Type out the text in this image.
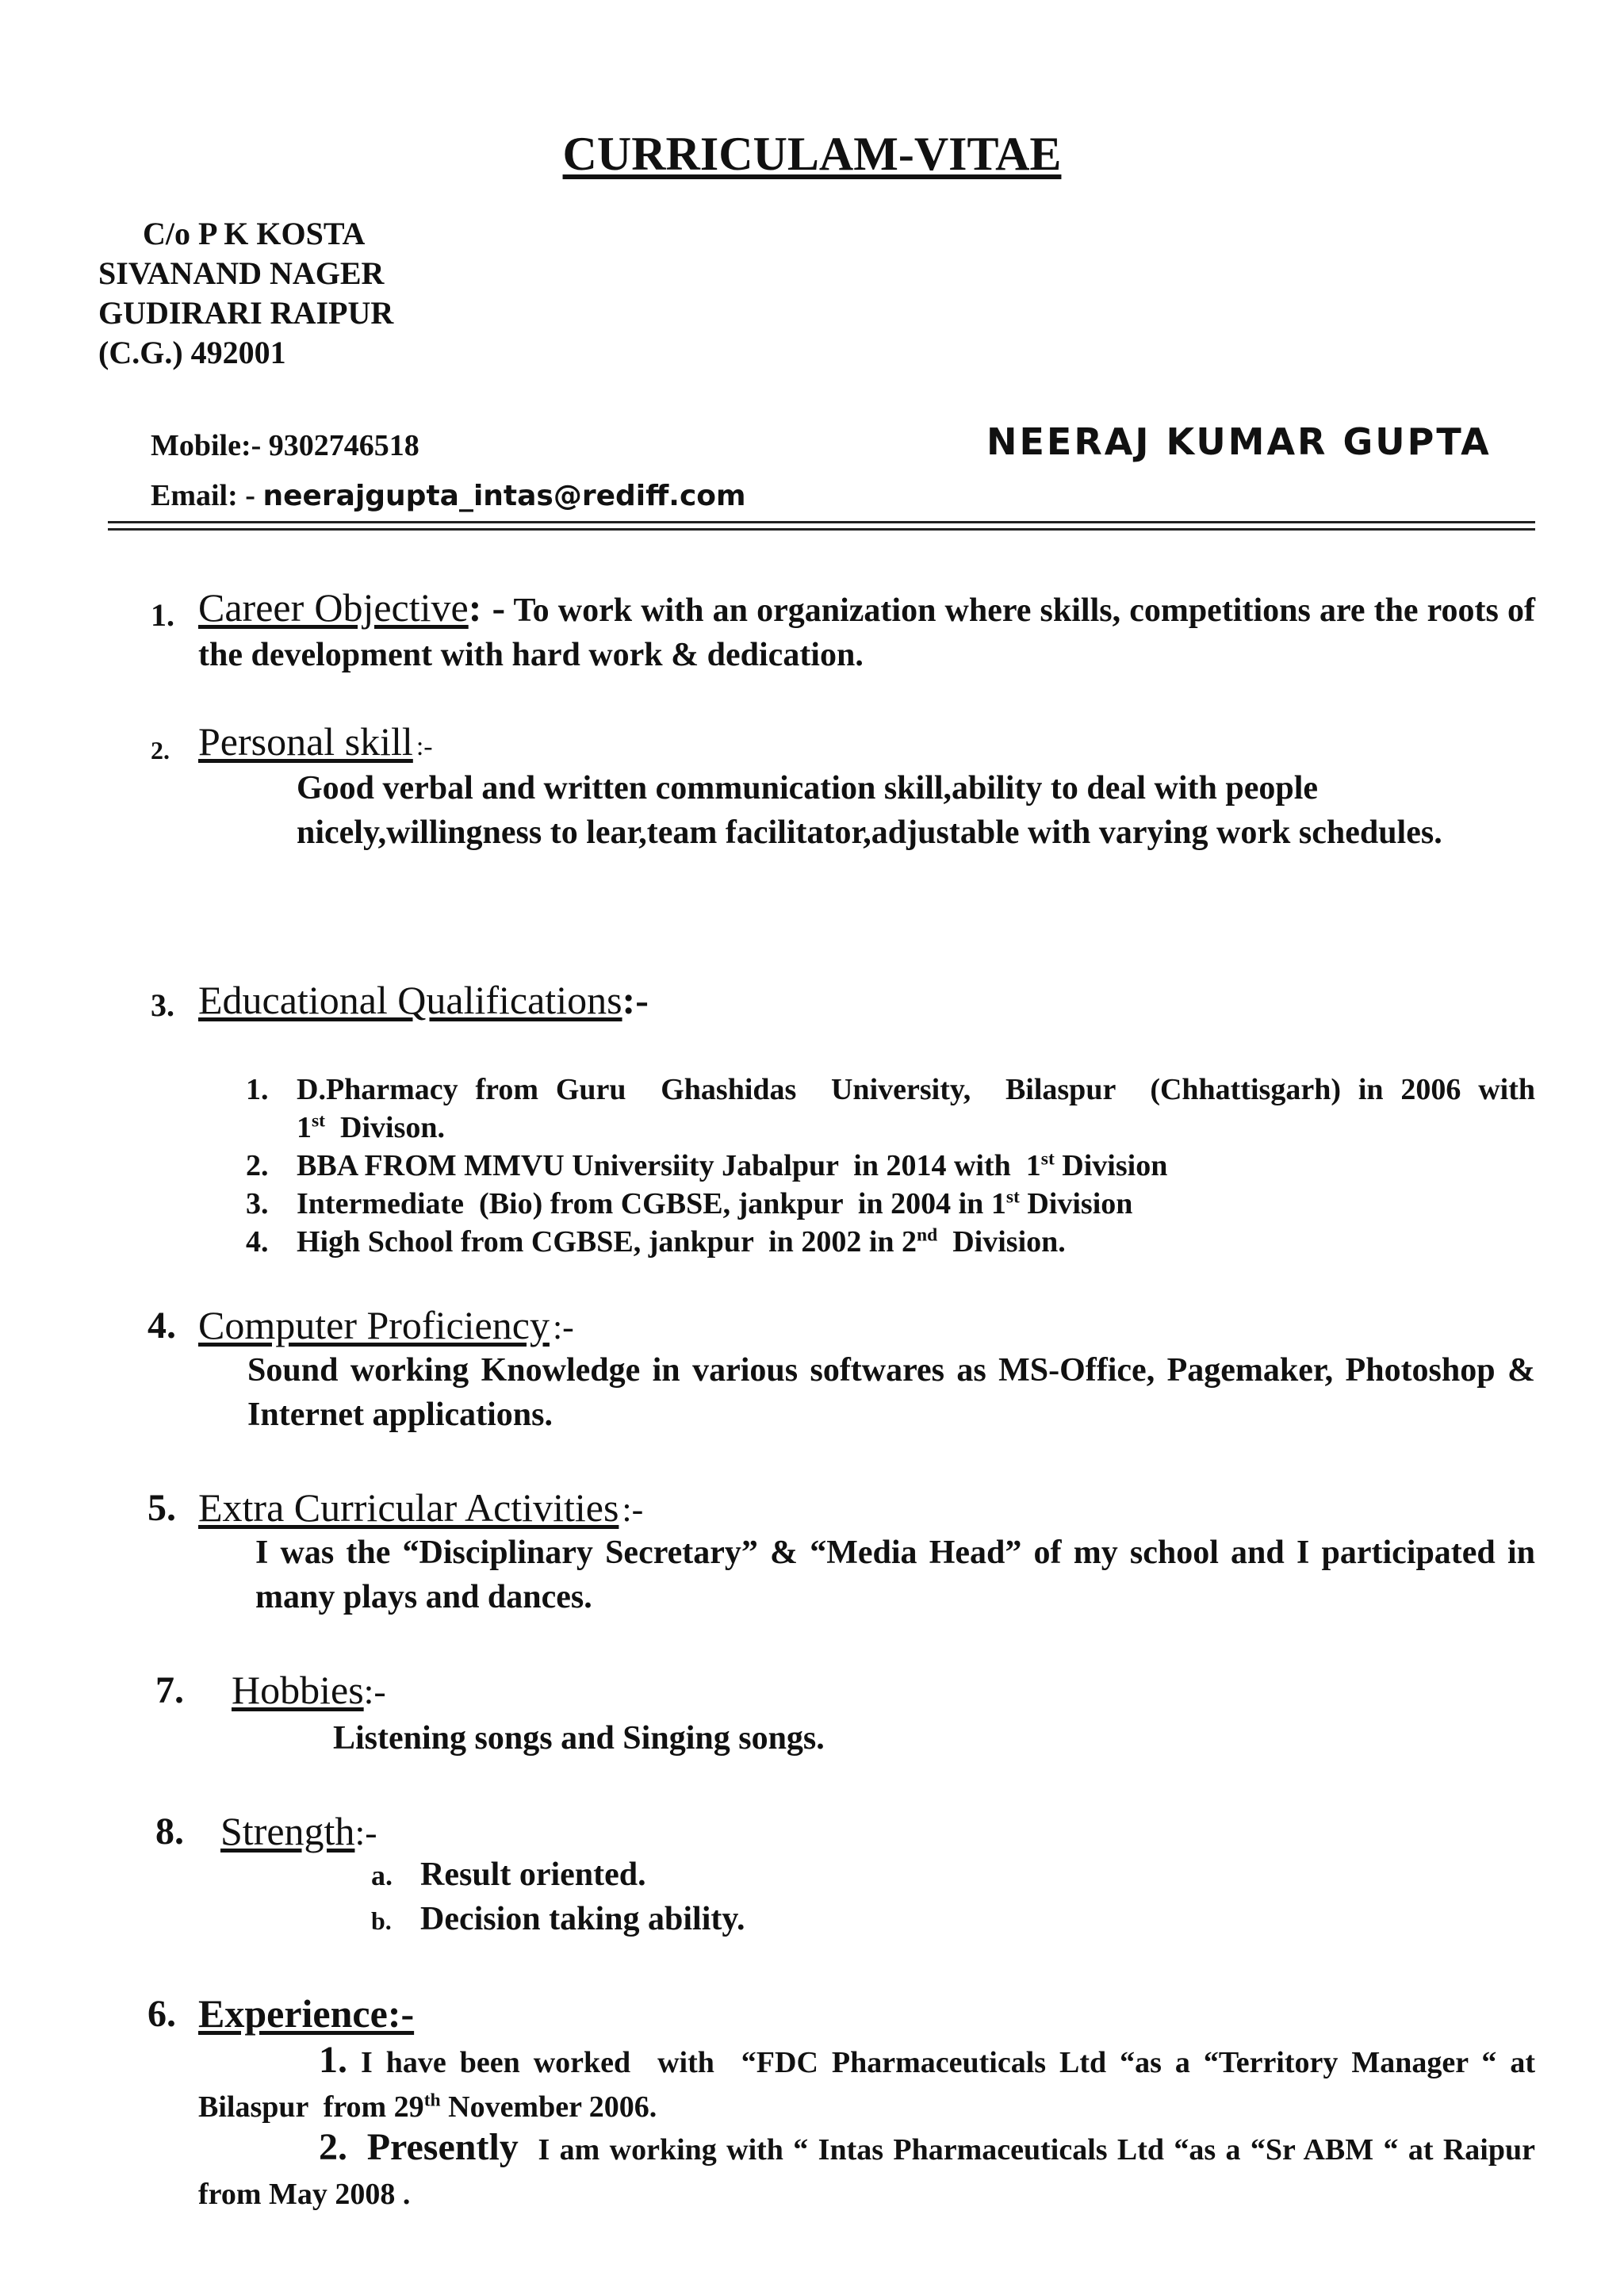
CURRICULAM-VITAE
C/o P K KOSTA
SIVANAND NAGER
GUDIRARI RAIPUR
(C.G.) 492001
Mobile:- 9302746518
Email: - neerajgupta_intas@rediff.com
NEERAJ KUMAR GUPTA
1. Career Objective: - To work with an organization where skills, competitions are the roots of the development with hard work & dedication.
2. Personal skill :-
Good verbal and written communication skill,ability to deal with people nicely,willingness to lear,team facilitator,adjustable with varying work schedules.
3. Educational Qualifications:-
1. D.Pharmacy from Guru  Ghashidas  University,  Bilaspur  (Chhattisgarh) in 2006 with
1st Divison.
2. BBA FROM MMVU Universiity Jabalpur  in 2014 with  1st Division
3. Intermediate  (Bio) from CGBSE, jankpur  in 2004 in 1st Division
4. High School from CGBSE, jankpur  in 2002 in 2nd Division.
4. Computer Proficiency :-
Sound working Knowledge in various softwares as MS-Office, Pagemaker, Photoshop & Internet applications.
5. Extra Curricular Activities :-
I was the “Disciplinary Secretary” & “Media Head” of my school and I participated in many plays and dances.
7. Hobbies:-
Listening songs and Singing songs.
8. Strength:-
a. Result oriented.
b. Decision taking ability.
6. Experience:-
1. I have been worked  with  “FDC Pharmaceuticals Ltd “as a “Territory Manager “ at Bilaspur  from 29th November 2006.
2. Presently I am working with “ Intas Pharmaceuticals Ltd “as a “Sr ABM “ at Raipur from May 2008 .
